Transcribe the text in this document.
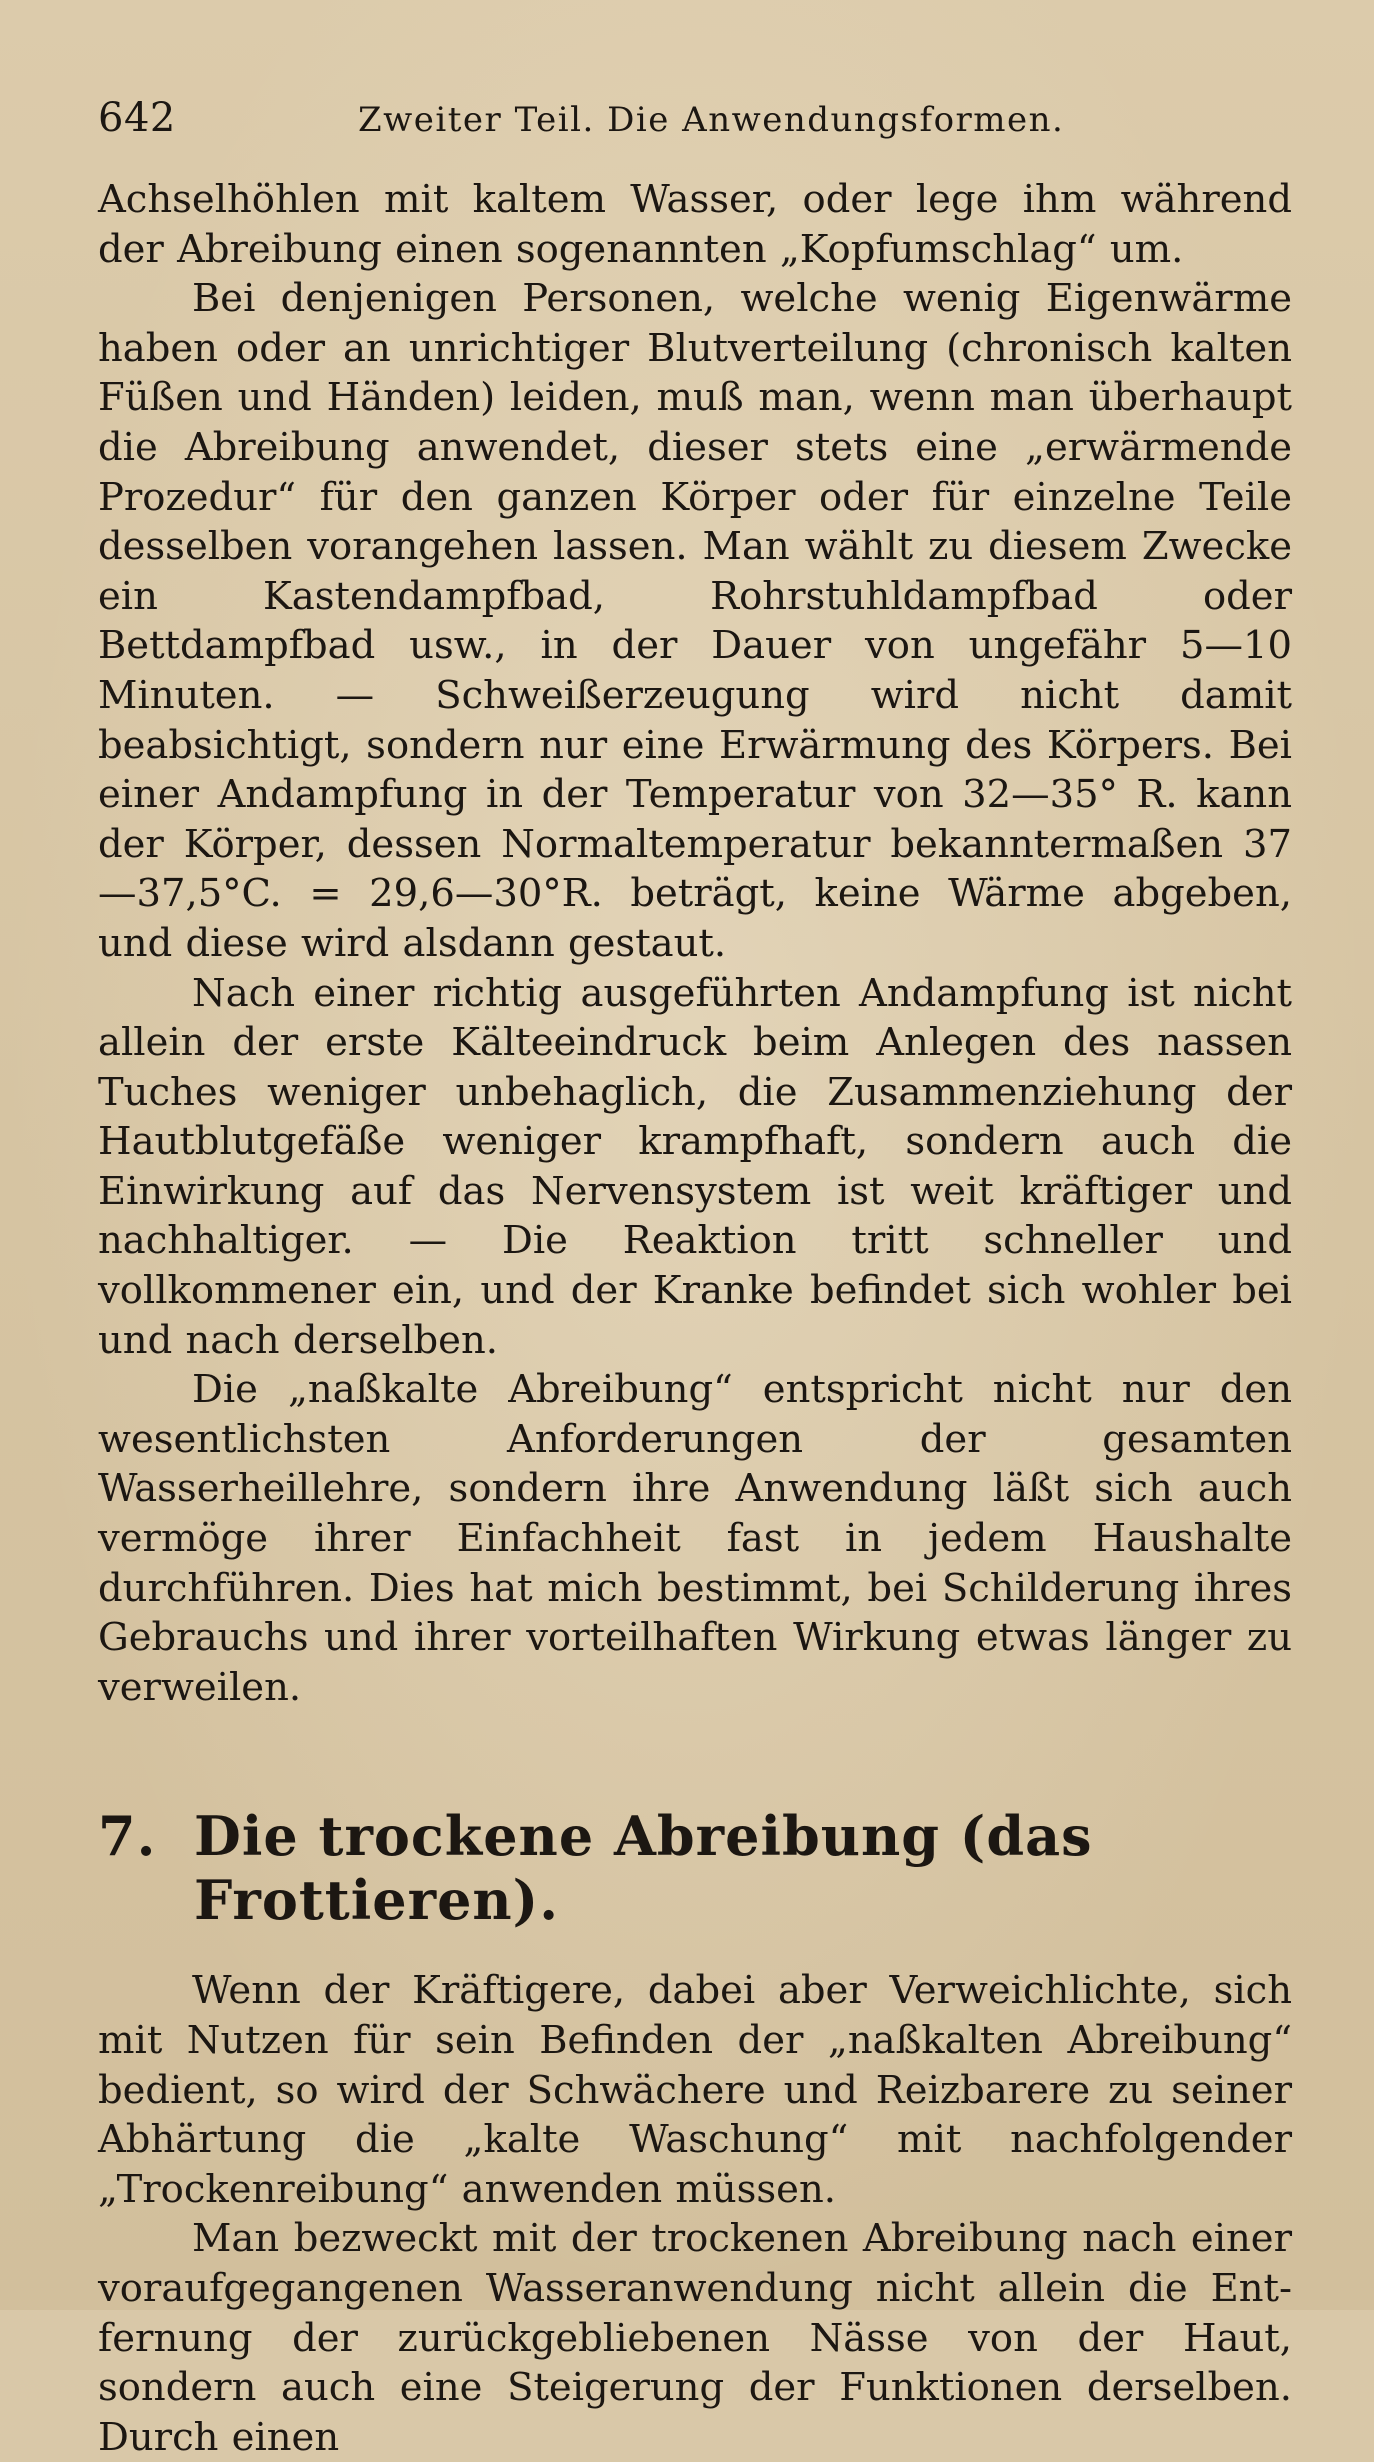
642	Zweiter Teil. Die Anwendungsformen.

Achselhöhlen mit kaltem Wasser, oder lege ihm während der Abreibung einen sogenannten „Kopfumschlag“ um.

Bei denjenigen Personen, welche wenig Eigenwärme haben oder an unrichtiger Blutverteilung (chronisch kalten Füßen und Händen) leiden, muß man, wenn man überhaupt die Abreibung anwendet, dieser stets eine „erwärmende Prozedur“ für den ganzen Körper oder für einzelne Teile desselben vorangehen lassen. Man wählt zu diesem Zwecke ein Kastendampfbad, Rohrstuhldampfbad oder Bettdampfbad usw., in der Dauer von ungefähr 5—10 Minuten. — Schweißerzeugung wird nicht damit beabsichtigt, sondern nur eine Erwärmung des Körpers. Bei einer Andampfung in der Temperatur von 32—35° R. kann der Körper, dessen Normaltemperatur bekanntermaßen 37—37,5°C. = 29,6—30°R. beträgt, keine Wärme abgeben, und diese wird alsdann gestaut.

Nach einer richtig ausgeführten Andampfung ist nicht allein der erste Kälteeindruck beim Anlegen des nassen Tuches weniger unbehaglich, die Zusammenziehung der Hautblutgefäße weniger krampfhaft, sondern auch die Einwirkung auf das Nervensystem ist weit kräftiger und nachhaltiger. — Die Reaktion tritt schneller und vollkommener ein, und der Kranke befindet sich wohler bei und nach derselben.

Die „naßkalte Abreibung“ entspricht nicht nur den wesentlichsten Anforderungen der gesamten Wasserheillehre, sondern ihre Anwendung läßt sich auch vermöge ihrer Einfachheit fast in jedem Haushalte durchführen. Dies hat mich bestimmt, bei Schilderung ihres Gebrauchs und ihrer vorteilhaften Wirkung etwas länger zu verweilen.

7. Die trockene Abreibung (das Frottieren).

Wenn der Kräftigere, dabei aber Verweichlichte, sich mit Nutzen für sein Befinden der „naßkalten Abreibung“ bedient, so wird der Schwächere und Reizbarere zu seiner Abhärtung die „kalte Waschung“ mit nachfolgender „Trockenreibung“ anwenden müssen.

Man bezweckt mit der trockenen Abreibung nach einer voraufgegangenen Wasseranwendung nicht allein die Entfernung der zurückgebliebenen Nässe von der Haut, sondern auch eine Steigerung der Funktionen derselben. Durch einen
